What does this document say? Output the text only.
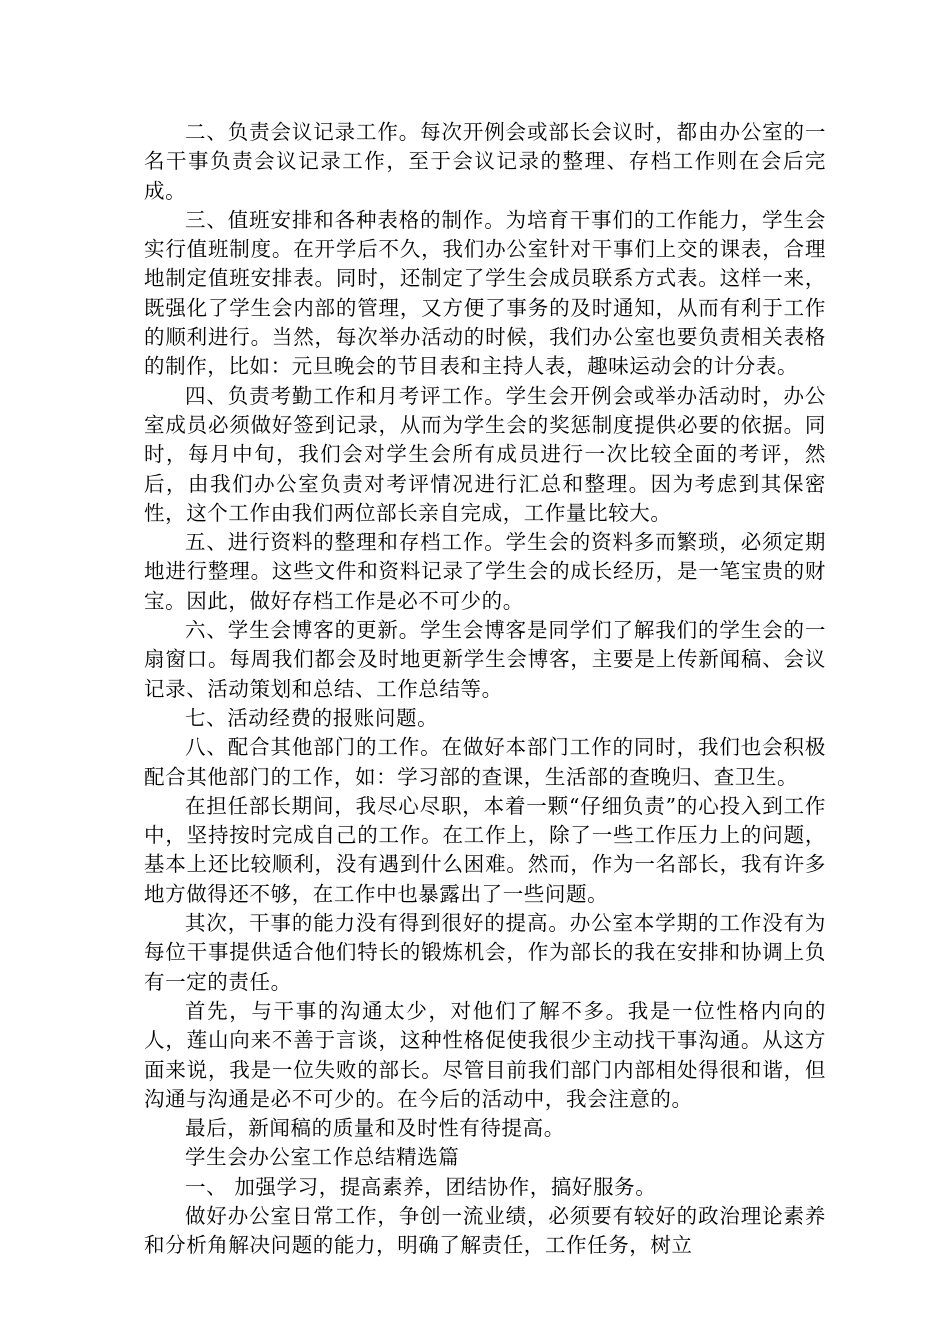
二、负责会议记录工作。每次开例会或部长会议时，都由办公室的一名干事负责会议记录工作，至于会议记录的整理、存档工作则在会后完成。

三、值班安排和各种表格的制作。为培育干事们的工作能力，学生会实行值班制度。在开学后不久，我们办公室针对干事们上交的课表，合理地制定值班安排表。同时，还制定了学生会成员联系方式表。这样一来，既强化了学生会内部的管理，又方便了事务的及时通知，从而有利于工作的顺利进行。当然，每次举办活动的时候，我们办公室也要负责相关表格的制作，比如：元旦晚会的节目表和主持人表，趣味运动会的计分表。

四、负责考勤工作和月考评工作。学生会开例会或举办活动时，办公室成员必须做好签到记录，从而为学生会的奖惩制度提供必要的依据。同时，每月中旬，我们会对学生会所有成员进行一次比较全面的考评，然后，由我们办公室负责对考评情况进行汇总和整理。因为考虑到其保密性，这个工作由我们两位部长亲自完成，工作量比较大。

五、进行资料的整理和存档工作。学生会的资料多而繁琐，必须定期地进行整理。这些文件和资料记录了学生会的成长经历，是一笔宝贵的财宝。因此，做好存档工作是必不可少的。

六、学生会博客的更新。学生会博客是同学们了解我们的学生会的一扇窗口。每周我们都会及时地更新学生会博客，主要是上传新闻稿、会议记录、活动策划和总结、工作总结等。

七、活动经费的报账问题。

八、配合其他部门的工作。在做好本部门工作的同时，我们也会积极配合其他部门的工作，如：学习部的查课，生活部的查晚归、查卫生。

在担任部长期间，我尽心尽职，本着一颗“仔细负责”的心投入到工作中，坚持按时完成自己的工作。在工作上，除了一些工作压力上的问题，基本上还比较顺利，没有遇到什么困难。然而，作为一名部长，我有许多地方做得还不够，在工作中也暴露出了一些问题。

其次，干事的能力没有得到很好的提高。办公室本学期的工作没有为每位干事提供适合他们特长的锻炼机会，作为部长的我在安排和协调上负有一定的责任。

首先，与干事的沟通太少，对他们了解不多。我是一位性格内向的人，莲山向来不善于言谈，这种性格促使我很少主动找干事沟通。从这方面来说，我是一位失败的部长。尽管目前我们部门内部相处得很和谐，但沟通与沟通是必不可少的。在今后的活动中，我会注意的。

最后，新闻稿的质量和及时性有待提高。

学生会办公室工作总结精选篇

一、 加强学习，提高素养，团结协作，搞好服务。

做好办公室日常工作，争创一流业绩，必须要有较好的政治理论素养和分析角解决问题的能力，明确了解责任，工作任务，树立
